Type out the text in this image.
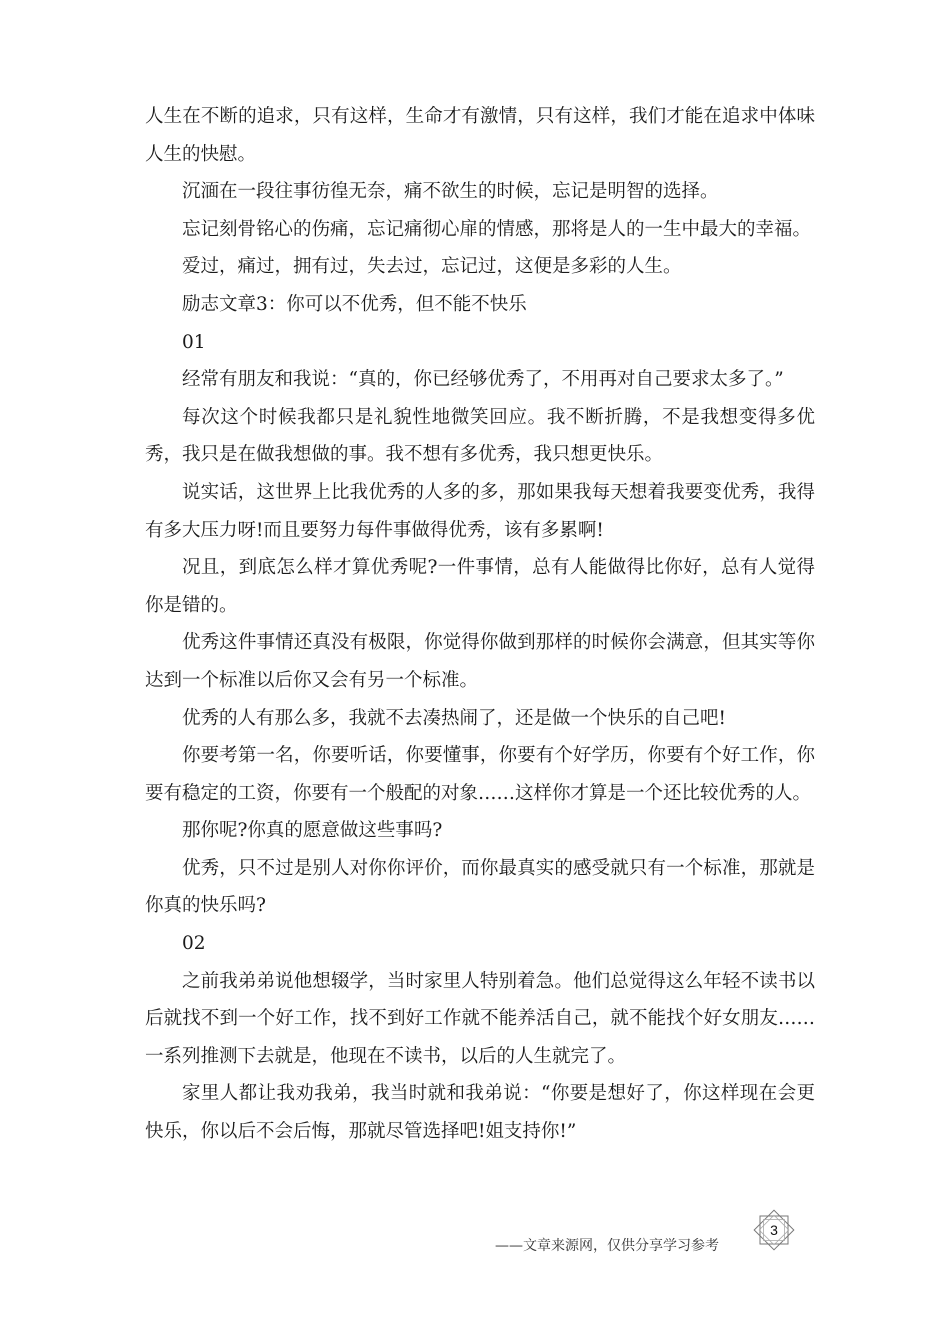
人生在不断的追求，只有这样，生命才有激情，只有这样，我们才能在追求中体味人生的快慰。

沉湎在一段往事彷徨无奈，痛不欲生的时候，忘记是明智的选择。

忘记刻骨铭心的伤痛，忘记痛彻心扉的情感，那将是人的一生中最大的幸福。

爱过，痛过，拥有过，失去过，忘记过，这便是多彩的人生。

励志文章3：你可以不优秀，但不能不快乐

01

经常有朋友和我说：“真的，你已经够优秀了，不用再对自己要求太多了。”

每次这个时候我都只是礼貌性地微笑回应。我不断折腾，不是我想变得多优秀，我只是在做我想做的事。我不想有多优秀，我只想更快乐。

说实话，这世界上比我优秀的人多的多，那如果我每天想着我要变优秀，我得有多大压力呀!而且要努力每件事做得优秀，该有多累啊!

况且，到底怎么样才算优秀呢?一件事情，总有人能做得比你好，总有人觉得你是错的。

优秀这件事情还真没有极限，你觉得你做到那样的时候你会满意，但其实等你达到一个标准以后你又会有另一个标准。

优秀的人有那么多，我就不去凑热闹了，还是做一个快乐的自己吧!

你要考第一名，你要听话，你要懂事，你要有个好学历，你要有个好工作，你要有稳定的工资，你要有一个般配的对象……这样你才算是一个还比较优秀的人。

那你呢?你真的愿意做这些事吗?

优秀，只不过是别人对你你评价，而你最真实的感受就只有一个标准，那就是你真的快乐吗?

02

之前我弟弟说他想辍学，当时家里人特别着急。他们总觉得这么年轻不读书以后就找不到一个好工作，找不到好工作就不能养活自己，就不能找个好女朋友……一系列推测下去就是，他现在不读书，以后的人生就完了。

家里人都让我劝我弟，我当时就和我弟说：“你要是想好了，你这样现在会更快乐，你以后不会后悔，那就尽管选择吧!姐支持你!”

——文章来源网，仅供分享学习参考
3
